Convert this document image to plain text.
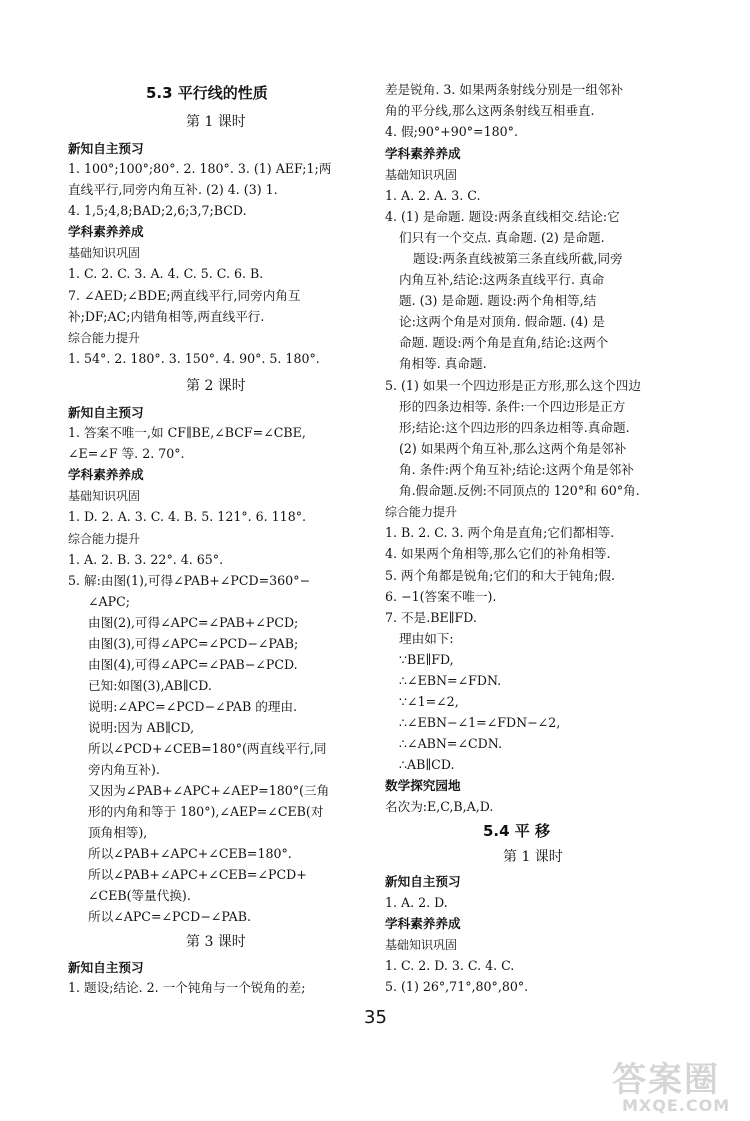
5.3 平行线的性质
第 1 课时
新知自主预习
1. 100°;100°;80°. 2. 180°. 3. (1) AEF;1;两
直线平行,同旁内角互补. (2) 4. (3) 1.
4. 1,5;4,8;BAD;2,6;3,7;BCD.
学科素养养成
基础知识巩固
1. C. 2. C. 3. A. 4. C. 5. C. 6. B.
7. ∠AED;∠BDE;两直线平行,同旁内角互
补;DF;AC;内错角相等,两直线平行.
综合能力提升
1. 54°. 2. 180°. 3. 150°. 4. 90°. 5. 180°.
第 2 课时
新知自主预习
1. 答案不唯一,如 CF∥BE,∠BCF=∠CBE,
∠E=∠F 等. 2. 70°.
学科素养养成
基础知识巩固
1. D. 2. A. 3. C. 4. B. 5. 121°. 6. 118°.
综合能力提升
1. A. 2. B. 3. 22°. 4. 65°.
5. 解:由图(1),可得∠PAB+∠PCD=360°−
∠APC;
由图(2),可得∠APC=∠PAB+∠PCD;
由图(3),可得∠APC=∠PCD−∠PAB;
由图(4),可得∠APC=∠PAB−∠PCD.
已知:如图(3),AB∥CD.
说明:∠APC=∠PCD−∠PAB 的理由.
说明:因为 AB∥CD,
所以∠PCD+∠CEB=180°(两直线平行,同
旁内角互补).
又因为∠PAB+∠APC+∠AEP=180°(三角
形的内角和等于 180°),∠AEP=∠CEB(对
顶角相等),
所以∠PAB+∠APC+∠CEB=180°.
所以∠PAB+∠APC+∠CEB=∠PCD+
∠CEB(等量代换).
所以∠APC=∠PCD−∠PAB.
第 3 课时
新知自主预习
1. 题设;结论. 2. 一个钝角与一个锐角的差;
差是锐角. 3. 如果两条射线分别是一组邻补
角的平分线,那么这两条射线互相垂直.
4. 假;90°+90°=180°.
学科素养养成
基础知识巩固
1. A. 2. A. 3. C.
4. (1) 是命题. 题设:两条直线相交.结论:它
们只有一个交点. 真命题. (2) 是命题.
题设:两条直线被第三条直线所截,同旁
内角互补,结论:这两条直线平行. 真命
题. (3) 是命题. 题设:两个角相等,结
论:这两个角是对顶角. 假命题. (4) 是
命题. 题设:两个角是直角,结论:这两个
角相等. 真命题.
5. (1) 如果一个四边形是正方形,那么这个四边
形的四条边相等. 条件:一个四边形是正方
形;结论:这个四边形的四条边相等.真命题.
(2) 如果两个角互补,那么这两个角是邻补
角. 条件:两个角互补;结论:这两个角是邻补
角.假命题.反例:不同顶点的 120°和 60°角.
综合能力提升
1. B. 2. C. 3. 两个角是直角;它们都相等.
4. 如果两个角相等,那么它们的补角相等.
5. 两个角都是锐角;它们的和大于钝角;假.
6. −1(答案不唯一).
7. 不是.BE∥FD.
理由如下:
∵BE∥FD,
∴∠EBN=∠FDN.
∵∠1=∠2,
∴∠EBN−∠1=∠FDN−∠2,
∴∠ABN=∠CDN.
∴AB∥CD.
数学探究园地
名次为:E,C,B,A,D.
5.4 平 移
第 1 课时
新知自主预习
1. A. 2. D.
学科素养养成
基础知识巩固
1. C. 2. D. 3. C. 4. C.
5. (1) 26°,71°,80°,80°.
35
答案圈
MXQE.COM
